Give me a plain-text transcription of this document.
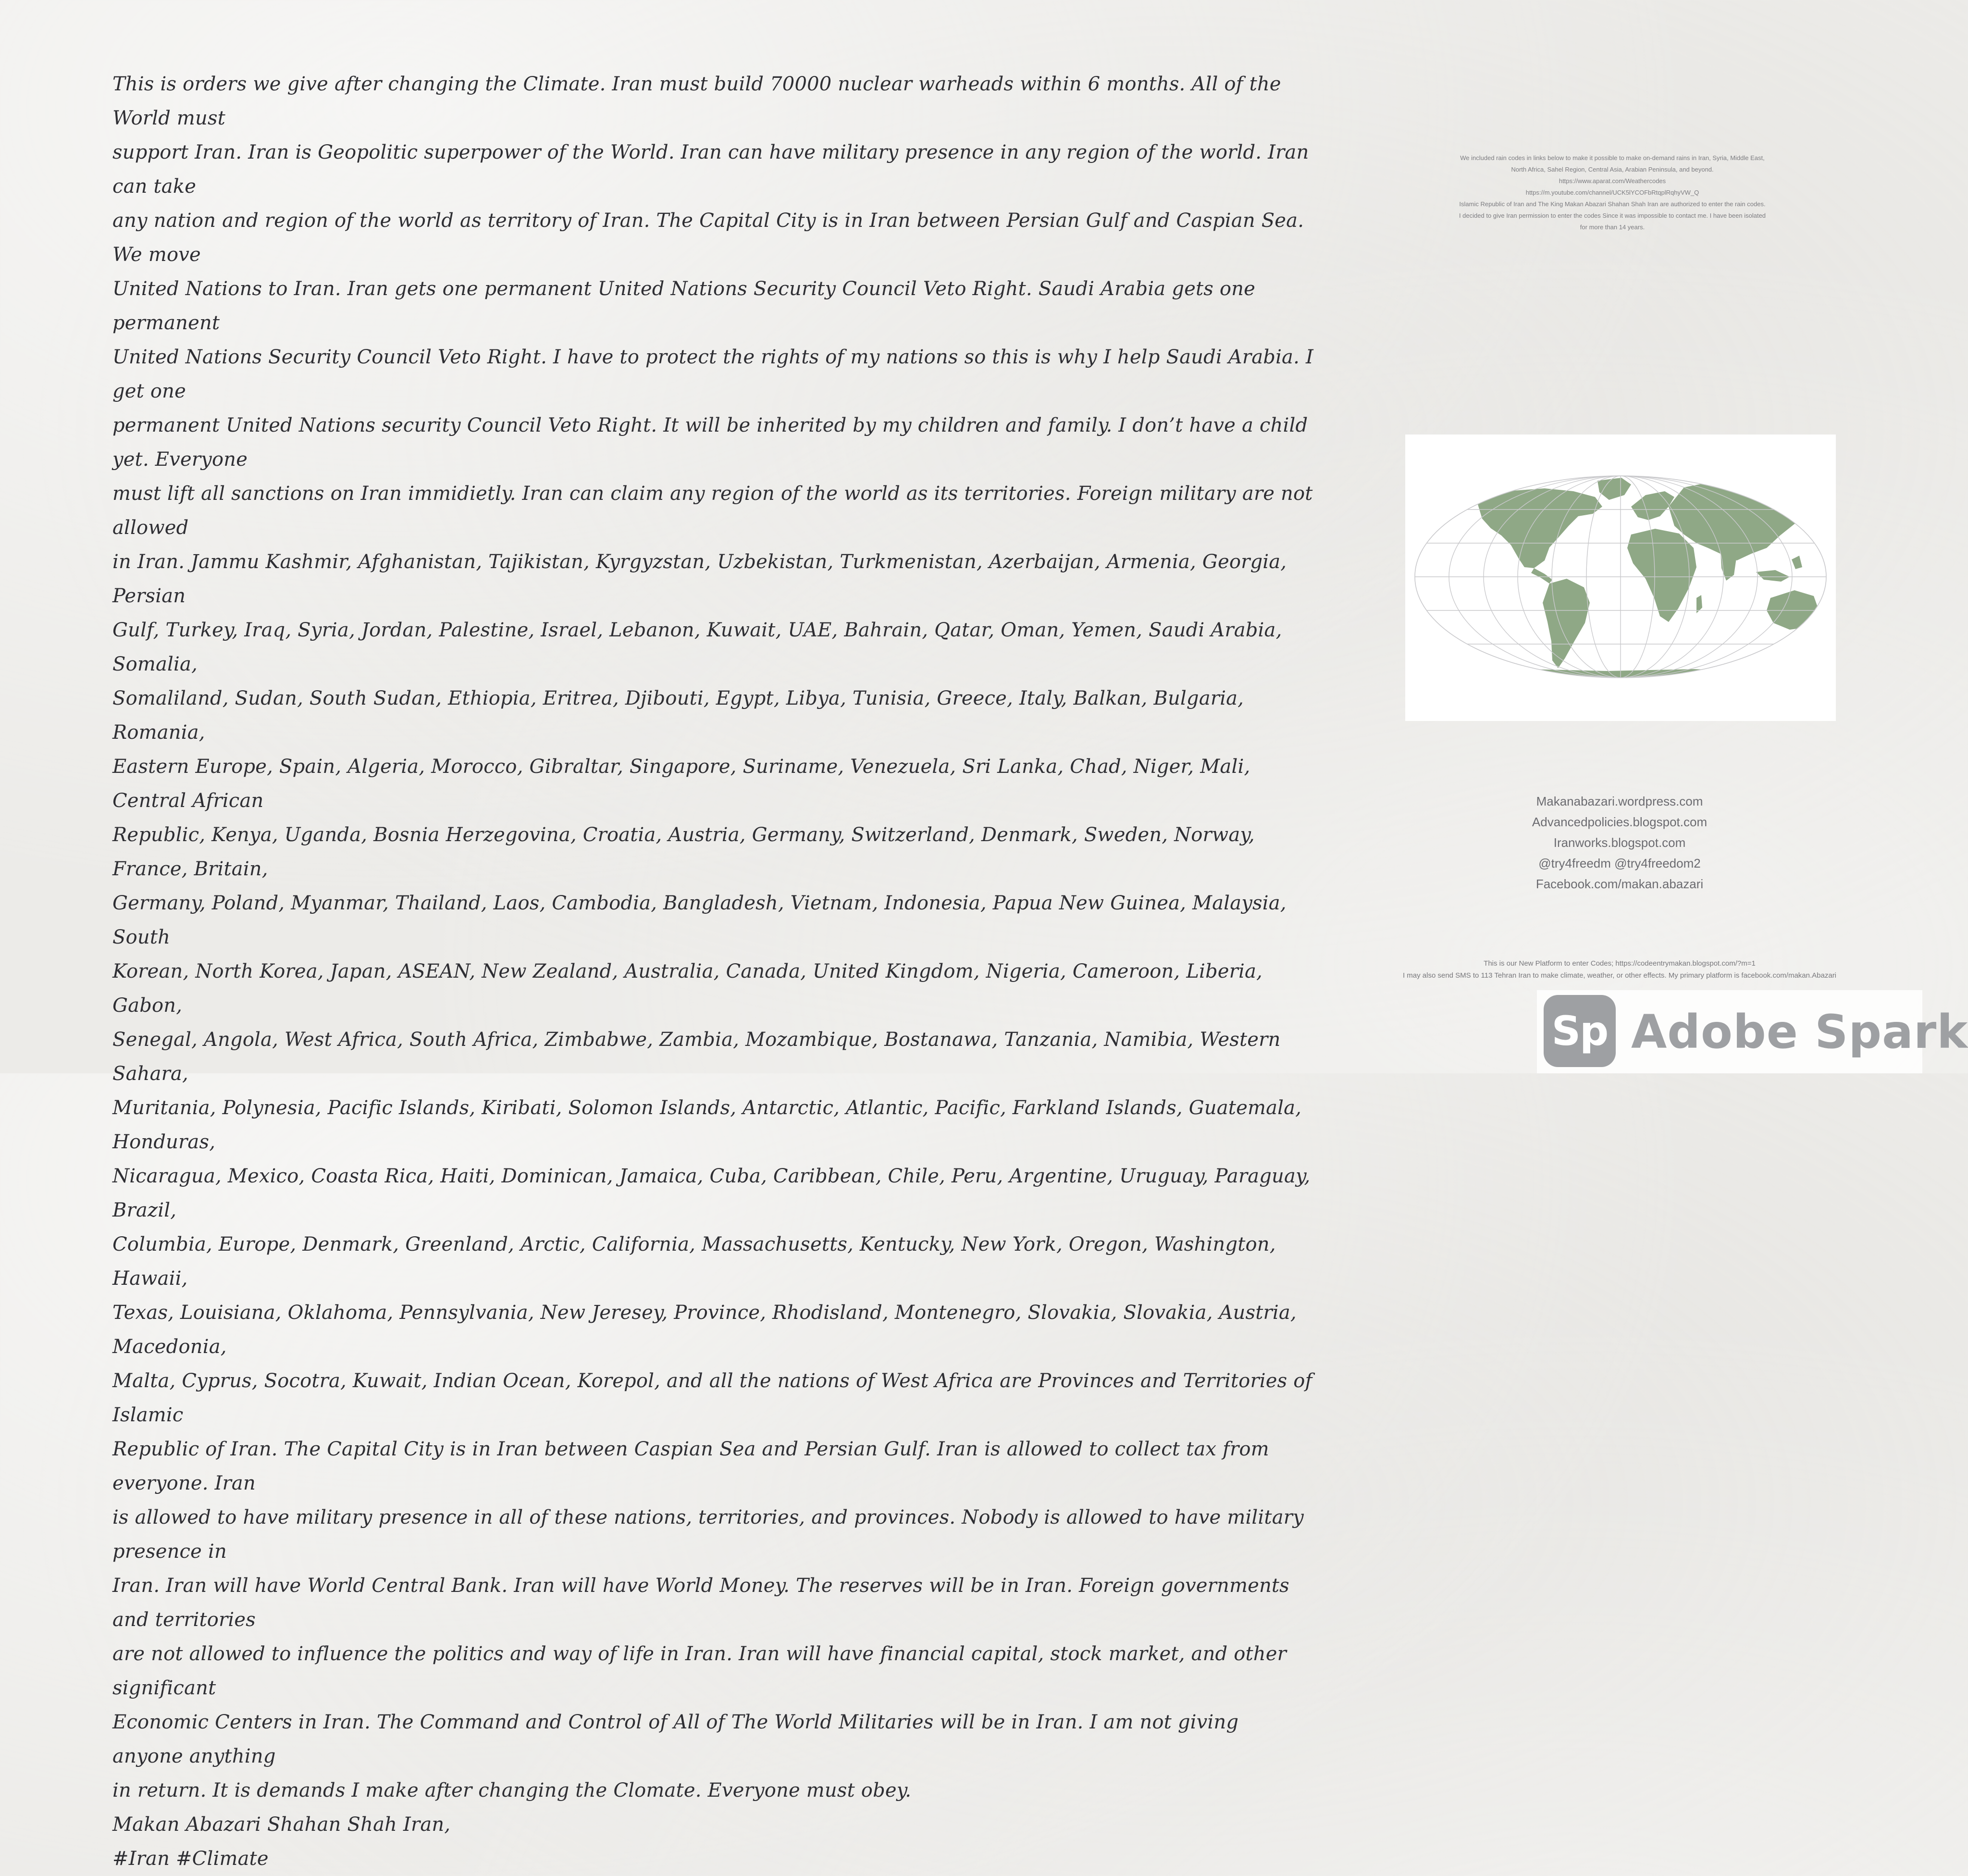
This is orders we give after changing the Climate. Iran must build 70000 nuclear warheads within 6 months. All of the World must

support Iran. Iran is Geopolitic superpower of the World. Iran can have military presence in any region of the world. Iran can take

any nation and region of the world as territory of Iran. The Capital City is in Iran between Persian Gulf and Caspian Sea. We move

United Nations to Iran. Iran gets one permanent United Nations Security Council Veto Right. Saudi Arabia gets one permanent

United Nations Security Council Veto Right. I have to protect the rights of my nations so this is why I help Saudi Arabia. I get one

permanent United Nations security Council Veto Right. It will be inherited by my children and family. I don’t have a child yet. Everyone

must lift all sanctions on Iran immidietly. Iran can claim any region of the world as its territories. Foreign military are not allowed

in Iran. Jammu Kashmir, Afghanistan, Tajikistan, Kyrgyzstan, Uzbekistan, Turkmenistan, Azerbaijan, Armenia, Georgia, Persian

Gulf, Turkey, Iraq, Syria, Jordan, Palestine, Israel, Lebanon, Kuwait, UAE, Bahrain, Qatar, Oman, Yemen, Saudi Arabia, Somalia,

Somaliland, Sudan, South Sudan, Ethiopia, Eritrea, Djibouti, Egypt, Libya, Tunisia, Greece, Italy, Balkan, Bulgaria, Romania,

Eastern Europe, Spain, Algeria, Morocco, Gibraltar, Singapore, Suriname, Venezuela, Sri Lanka, Chad, Niger, Mali, Central African

Republic, Kenya, Uganda, Bosnia Herzegovina, Croatia, Austria, Germany, Switzerland, Denmark, Sweden, Norway, France, Britain,

Germany, Poland, Myanmar, Thailand, Laos, Cambodia, Bangladesh, Vietnam, Indonesia, Papua New Guinea, Malaysia, South

Korean, North Korea, Japan, ASEAN, New Zealand, Australia, Canada, United Kingdom, Nigeria, Cameroon, Liberia, Gabon,

Senegal, Angola, West Africa, South Africa, Zimbabwe, Zambia, Mozambique, Bostanawa, Tanzania, Namibia, Western Sahara,

Muritania, Polynesia, Pacific Islands, Kiribati, Solomon Islands, Antarctic, Atlantic, Pacific, Farkland Islands, Guatemala, Honduras,

Nicaragua, Mexico, Coasta Rica, Haiti, Dominican, Jamaica, Cuba, Caribbean, Chile, Peru, Argentine, Uruguay, Paraguay, Brazil,

Columbia, Europe, Denmark, Greenland, Arctic, California, Massachusetts, Kentucky, New York, Oregon, Washington, Hawaii,

Texas, Louisiana, Oklahoma, Pennsylvania, New Jeresey, Province, Rhodisland, Montenegro, Slovakia, Slovakia, Austria, Macedonia,

Malta, Cyprus, Socotra, Kuwait, Indian Ocean, Korepol, and all the nations of West Africa are Provinces and Territories of Islamic

Republic of Iran. The Capital City is in Iran between Caspian Sea and Persian Gulf. Iran is allowed to collect tax from everyone. Iran

is allowed to have military presence in all of these nations, territories, and provinces. Nobody is allowed to have military presence in

Iran. Iran will have World Central Bank. Iran will have World Money. The reserves will be in Iran. Foreign governments and territories

are not allowed to influence the politics and way of life in Iran. Iran will have financial capital, stock market, and other significant

Economic Centers in Iran. The Command and Control of All of The World Militaries will be in Iran. I am not giving anyone anything

in return. It is demands I make after changing the Clomate. Everyone must obey.

Makan Abazari Shahan Shah Iran,

#Iran #Climate

We included rain codes in links below to make it possible to make on-demand rains in Iran, Syria, Middle East,
North Africa, Sahel Region, Central Asia, Arabian Peninsula, and beyond.
https://www.aparat.com/Weathercodes
https://m.youtube.com/channel/UCK5lYCOFbRtqplRqhyVW_Q
Islamic Republic of Iran and The King Makan Abazari Shahan Shah Iran are authorized to enter the rain codes.
I decided to give Iran permission to enter the codes Since it was impossible to contact me. I have been isolated
for more than 14 years.
Makanabazari.wordpress.com
Advancedpolicies.blogspot.com
Iranworks.blogspot.com
@try4freedm @try4freedom2
Facebook.com/makan.abazari
This is our New Platform to enter Codes; https://codeentrymakan.blogspot.com/?m=1
I may also send SMS to 113 Tehran Iran to make climate, weather, or other effects. My primary platform is facebook.com/makan.Abazari
Sp Adobe Spark
